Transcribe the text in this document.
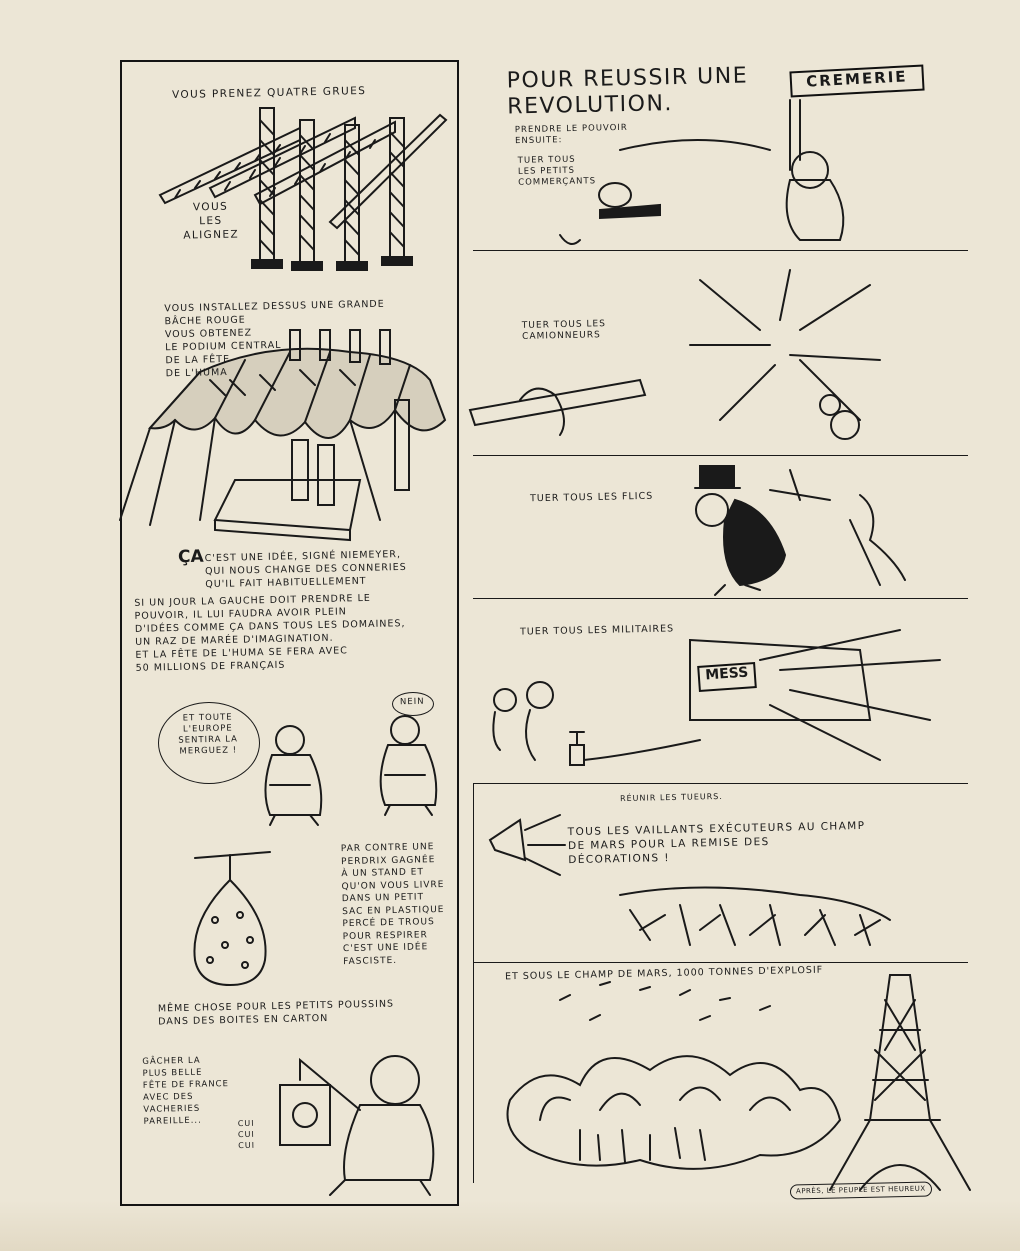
CREMERIE
MESS
VOUS PRENEZ QUATRE GRUES
VOUS
LES
ALIGNEZ
VOUS INSTALLEZ DESSUS UNE GRANDE
BÂCHE ROUGE
VOUS OBTENEZ
LE PODIUM CENTRAL
DE LA FÊTE
DE L'HUMA
ÇA C'EST UNE IDÉE, SIGNÉ NIEMEYER,
QUI NOUS CHANGE DES CONNERIES
QU'IL FAIT HABITUELLEMENT
SI UN JOUR LA GAUCHE DOIT PRENDRE LE
POUVOIR, IL LUI FAUDRA AVOIR PLEIN
D'IDÉES COMME ÇA DANS TOUS LES DOMAINES,
UN RAZ DE MARÉE D'IMAGINATION.
ET LA FÊTE DE L'HUMA SE FERA AVEC
50 MILLIONS DE FRANÇAIS
ET TOUTE
L'EUROPE
SENTIRA LA
MERGUEZ !
NEIN
PAR CONTRE UNE
PERDRIX GAGNÉE
À UN STAND ET
QU'ON VOUS LIVRE
DANS UN PETIT
SAC EN PLASTIQUE
PERCÉ DE TROUS
POUR RESPIRER
C'EST UNE IDÉE
FASCISTE.
MÊME CHOSE POUR LES PETITS POUSSINS
DANS DES BOITES EN CARTON
GÂCHER LA
PLUS BELLE
FÊTE DE FRANCE
AVEC DES
VACHERIES
PAREILLE...	CUI
CUI
CUI
POUR REUSSIR UNE
REVOLUTION.
PRENDRE LE POUVOIR
ENSUITE:
TUER TOUS
LES PETITS
COMMERÇANTS
TUER TOUS LES
CAMIONNEURS
TUER TOUS LES FLICS
TUER TOUS LES MILITAIRES
RÉUNIR LES TUEURS.
TOUS LES VAILLANTS EXÉCUTEURS AU CHAMP
DE MARS POUR LA REMISE DES
DÉCORATIONS !
ET SOUS LE CHAMP DE MARS, 1000 TONNES D'EXPLOSIF
APRÈS, LE PEUPLE EST HEUREUX
